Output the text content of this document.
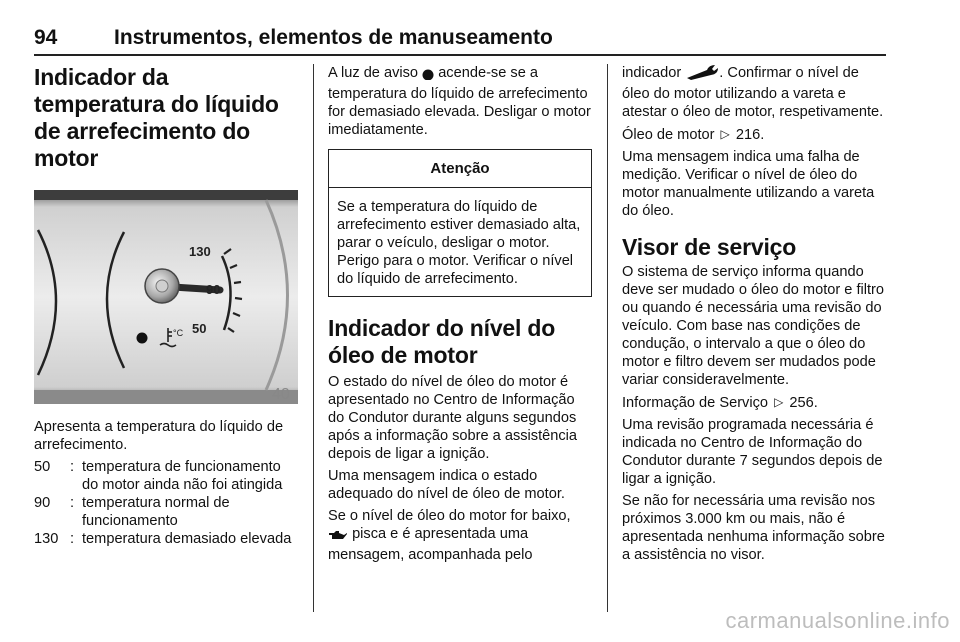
94	Instrumentos, elementos de manuseamento
Indicador da temperatura do líquido de arrefecimento do motor
130
90
50
°C
40
Apresenta a temperatura do líquido de arrefecimento.
50	: temperatura de funcionamento do motor ainda não foi atingida
90	: temperatura normal de funcionamento
130 : temperatura demasiado elevada
A luz de aviso acende-se se a temperatura do líquido de arrefecimento for demasiado elevada. Desligar o motor imediatamente.
Atenção
Se a temperatura do líquido de arrefecimento estiver demasiado alta, parar o veículo, desligar o motor. Perigo para o motor. Verificar o nível do líquido de arrefecimento.
Indicador do nível do óleo de motor
O estado do nível de óleo do motor é apresentado no Centro de Informação do Condutor durante alguns segundos após a informação sobre a assistência depois de ligar a ignição.
Uma mensagem indica o estado adequado do nível de óleo de motor.
Se o nível de óleo do motor for baixo,  pisca e é apresentada uma mensagem, acompanhada pelo
indicador	. Confirmar o nível de óleo do motor utilizando a vareta e atestar o óleo de motor, respetivamente.
Óleo de motor ▷ 216.
Uma mensagem indica uma falha de medição. Verificar o nível de óleo do motor manualmente utilizando a vareta do óleo.
Visor de serviço
O sistema de serviço informa quando deve ser mudado o óleo do motor e filtro ou quando é necessária uma revisão do veículo. Com base nas condições de condução, o intervalo a que o óleo do motor e filtro devem ser mudados pode variar consideravelmente.
Informação de Serviço ▷ 256.
Uma revisão programada necessária é indicada no Centro de Informação do Condutor durante 7 segundos depois de ligar a ignição.
Se não for necessária uma revisão nos próximos 3.000 km ou mais, não é apresentada nenhuma informação sobre a assistência no visor.
carmanualsonline.info
